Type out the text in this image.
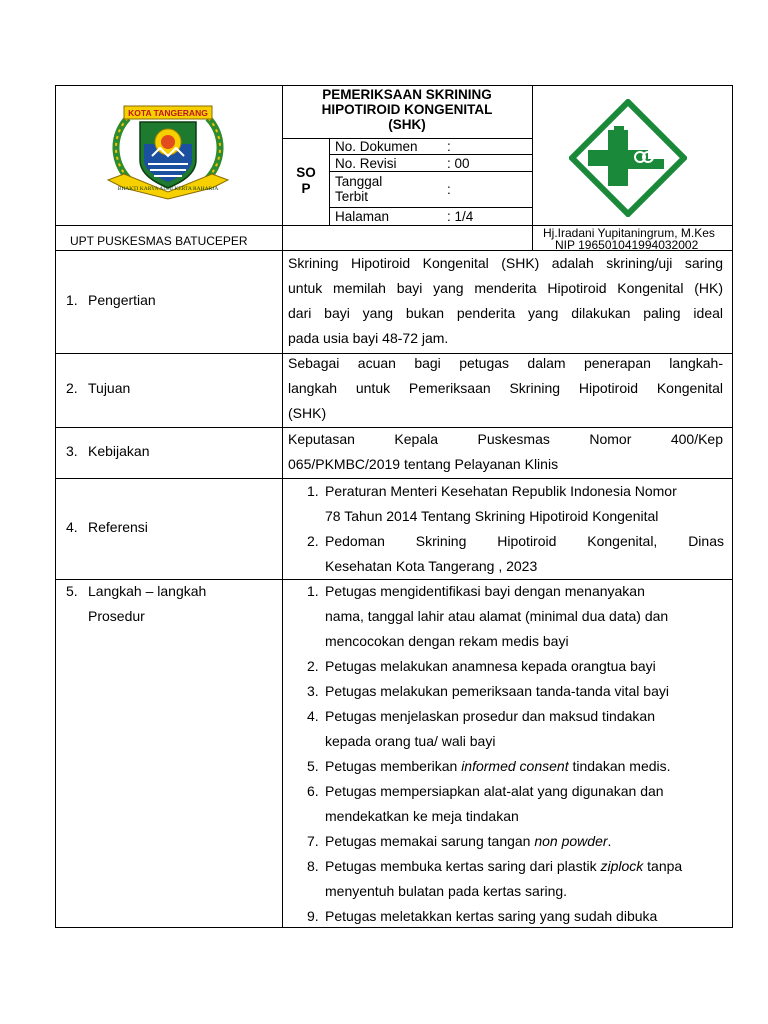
KOTA TANGERANG
BHAKTI KARYA ADHI KERTA RAHARJA
PEMERIKSAAN SKRINING
HIPOTIROID KONGENITAL
(SHK)
SO
P
No. Dokumen :
No. Revisi	: 00
Tanggal Terbit	:
Halaman	: 1/4
UPT PUSKESMAS BATUCEPER
Hj.Iradani Yupitaningrum, M.Kes
NIP 196501041994032002
1. Pengertian
Skrining Hipotiroid Kongenital (SHK) adalah skrining/uji saring
untuk memilah bayi yang menderita Hipotiroid Kongenital (HK)
dari bayi yang bukan penderita yang dilakukan paling ideal
pada usia bayi 48-72 jam.
2. Tujuan
Sebagai acuan bagi petugas dalam penerapan langkah-
langkah untuk Pemeriksaan Skrining Hipotiroid Kongenital
(SHK)
3. Kebijakan
Keputasan Kepala Puskesmas Nomor 400/Kep
065/PKMBC/2019 tentang Pelayanan Klinis
4. Referensi
1. Peraturan Menteri Kesehatan Republik Indonesia Nomor
78 Tahun 2014 Tentang Skrining Hipotiroid Kongenital
2. Pedoman Skrining Hipotiroid Kongenital, Dinas
Kesehatan Kota Tangerang , 2023
5. Langkah – langkah
Prosedur
1. Petugas mengidentifikasi bayi dengan menanyakan
nama, tanggal lahir atau alamat (minimal dua data) dan
mencocokan dengan rekam medis bayi
2. Petugas melakukan anamnesa kepada orangtua bayi
3. Petugas melakukan pemeriksaan tanda-tanda vital bayi
4. Petugas menjelaskan prosedur dan maksud tindakan
kepada orang tua/ wali bayi
5. Petugas memberikan informed consent tindakan medis.
6. Petugas mempersiapkan alat-alat yang digunakan dan
mendekatkan ke meja tindakan
7. Petugas memakai sarung tangan non powder.
8. Petugas membuka kertas saring dari plastik ziplock tanpa
menyentuh bulatan pada kertas saring.
9. Petugas meletakkan kertas saring yang sudah dibuka
